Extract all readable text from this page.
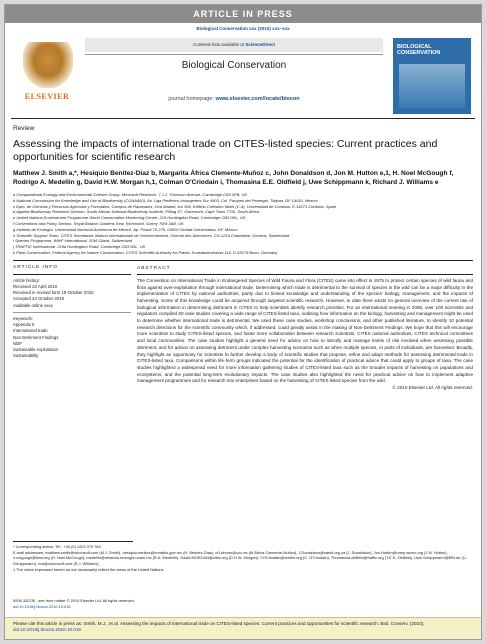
ARTICLE IN PRESS
Biological Conservation xxx (2010) xxx–xxx
ELSEVIER
Contents lists available at ScienceDirect
Biological Conservation
journal homepage: www.elsevier.com/locate/biocon
BIOLOGICAL CONSERVATION
Review
Assessing the impacts of international trade on CITES-listed species: Current practices and opportunities for scientific research
Matthew J. Smith a,*, Hesiquio Benítez-Díaz b, Margarita África Clemente-Muñoz c, John Donaldson d, Jon M. Hutton e,1, H. Noel McGough f, Rodrigo A. Medellin g, David H.W. Morgan h,1, Colman O'Criodain i, Thomasina E.E. Oldfield j, Uwe Schippmann k, Richard J. Williams e
a Computational Ecology and Environmental Science Group, Microsoft Research, 7 J.J. Thomson Avenue, Cambridge CB3 0FB, UK
b National Commission for Knowledge and Use of Biodiversity (CONABIO), Av. Liga Periférico-Insurgentes Sur 4903, Col. Parques del Pedregal, Tlalpan, DF 14010, Mexico
c Dpto. de Ciencias y Recursos Agrícolas y Forestales, Campus de Rabanales, Ctra Madrid, km 396, Edificio Celestino Mutis (C-4), Universidad de Córdoba, E-14071 Córdoba, Spain
d Applied Biodiversity Research Division, South African National Biodiversity Institute, P/Bag X7, Claremont, Cape Town 7735, South Africa
e United Nations Environment Programme World Conservation Monitoring Centre, 219 Huntingdon Road, Cambridge CB3 0DL, UK
f Conventions and Policy Section, Royal Botanic Gardens Kew, Richmond, Surrey TW9 3AB, UK
g Instituto de Ecología, Universidad Nacional Autónoma de México, Ap. Postal 70-275, 04510 Ciudad Universitaria, DF, Mexico
h Scientific Support Team, CITES Secretariat, Maison internationale de l'environnement, Chemin des Anemones, CH-1219 Chatelaine, Geneva, Switzerland
i Species Programme, WWF International, 1196 Gland, Switzerland
j TRAFFIC International, 219a Huntingdon Road, Cambridge CB3 0DL, UK
k Plant Conservation, Federal Agency for Nature Conservation, CITES Scientific Authority for Plants, Konstantinstrasse 110, D 53179 Bonn, Germany
ARTICLE INFO
Article history:
Received 23 April 2010
Received in revised form 19 October 2010
Accepted 24 October 2010
Available online xxxx
Keywords:
Appendix II
International trade
Non-Detriment Findings
NDF
Sustainable exploitation
Sustainability
ABSTRACT
The Convention on International Trade in Endangered Species of Wild Fauna and Flora (CITES) came into effect in 1975 to protect certain species of wild fauna and flora against over-exploitation through international trade. Determining which trade is detrimental to the survival of species in the wild can be a major difficulty in the implementation of CITES by national authorities, partly due to limited knowledge and understanding of the species' biology, management, and the impacts of harvesting. Some of this knowledge could be acquired through targeted scientific research. However, to date there exists no general overview of the current use of biological information in determining detriment in CITES to help scientists identify research priorities. For an international meeting in 2008, over 100 scientists and regulators compiled 60 case studies covering a wide range of CITES-listed taxa, outlining how information on the biology, harvesting and management might be used to determine whether international trade is detrimental. We used these case studies, workshop conclusions, and other published literature, to identify 10 potential research directions for the scientific community which, if addressed, could greatly assist in the making of Non-Detriment Findings. We hope that this will encourage more scientists to study CITES-listed species, and foster more collaboration between research scientists, CITES national authorities, CITES technical committees and local communities. The case studies highlight a general need for advice on how to identify and manage levels of risk involved when assessing possible detriment, and for advice on assessing detriment under complex harvesting scenarios such as when multiple species, or parts of individuals, are harvested. Broadly, they highlight an opportunity for scientists to further develop a body of scientific studies that propose, refine and adapt methods for assessing detrimental trade in CITES-listed taxa. Comparisons within life-form groups indicated the potential for the identification of practical advice that could apply to groups of taxa. The case studies highlighted a widespread need for more information gathering studies of CITES-listed taxa such as the broader impacts of harvesting on populations and ecosystems, and the potential long-term evolutionary impacts. The case studies also highlighted the need for practical advice on how to implement adaptive management programmes and for research into enterprises based on the harvesting of CITES listed species from the wild.
© 2010 Elsevier Ltd. All rights reserved.
* Corresponding author. Tel.: +44 (0) 1223 479 784.
E-mail addresses: matthew.smith@microsoft.com (M.J. Smith), hesiquio.benitez@conabio.gob.mx (H. Benítez-Díaz), cr1clmum@uco.es (M.África Clemente-Muñoz), J.Donaldson@sanbi.org.za (J. Donaldson), Jon.Hutton@unep-wcmc.org (J.M. Hutton), n.mcgough@kew.org (H. Noel McGough), medellin@miranda.ecologia.unam.mx (R.A. Medellin), David.MORGAN@cites.org (D.H.W. Morgan), COCriodain@wwfint.org (C. O'Criodain), Thomasina.oldfield@traffic.org (T.E.E. Oldfield), Uwe.Schippmann@BfN.de (U. Schippmann), rcw@microsoft.com (R.J. Williams).
1 The views expressed herein do not necessarily reflect the views of the United Nations.
0006-3207/$ - see front matter © 2010 Elsevier Ltd. All rights reserved.
doi:10.1016/j.biocon.2010.10.018
Please cite this article in press as: Smith, M.J., et al. Assessing the impacts of international trade on CITES-listed species: Current practices and opportunities for scientific research. Biol. Conserv. (2010), doi:10.1016/j.biocon.2010.10.018
